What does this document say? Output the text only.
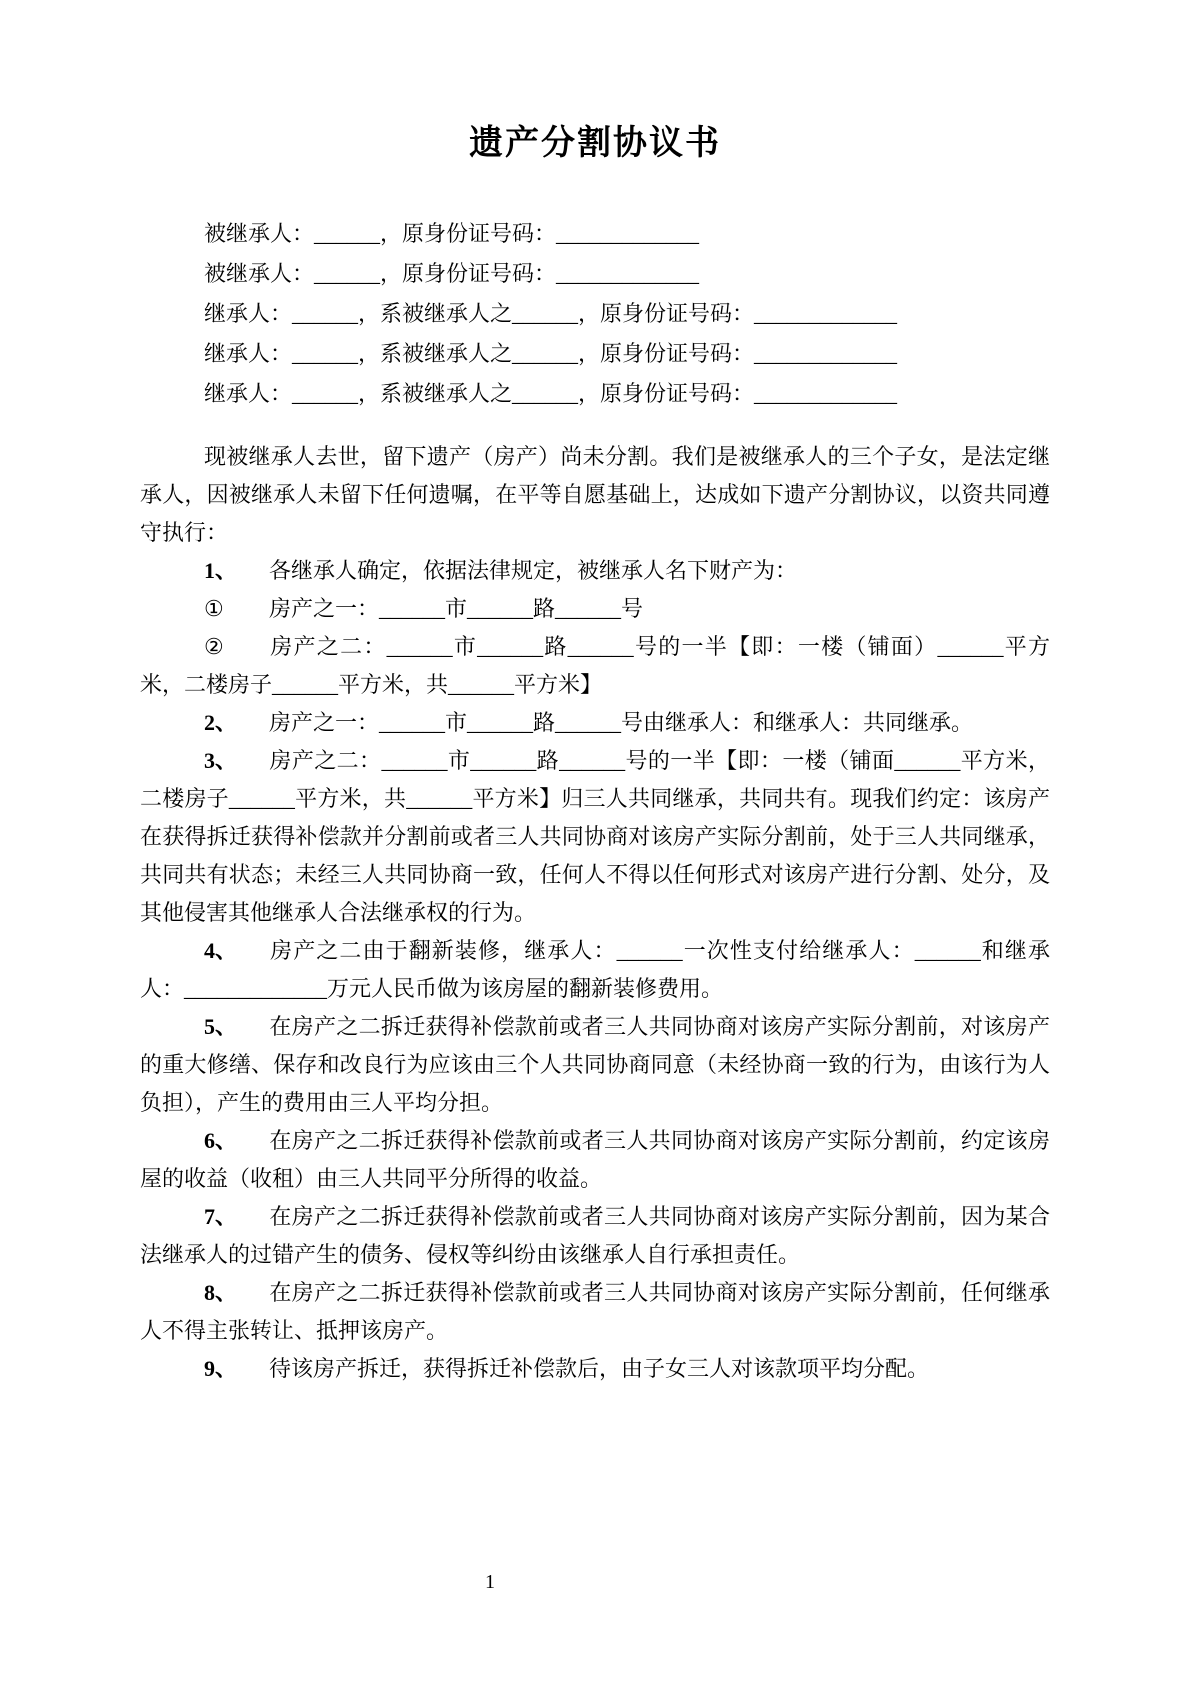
遗产分割协议书

被继承人：______，原身份证号码：_____________

被继承人：______，原身份证号码：_____________

继承人：______，系被继承人之______，原身份证号码：_____________

继承人：______，系被继承人之______，原身份证号码：_____________

继承人：______，系被继承人之______，原身份证号码：_____________

现被继承人去世，留下遗产（房产）尚未分割。我们是被继承人的三个子女，是法定继承人，因被继承人未留下任何遗嘱，在平等自愿基础上，达成如下遗产分割协议，以资共同遵守执行：

1、 各继承人确定，依据法律规定，被继承人名下财产为：

① 房产之一：______市______路______号

② 房产之二：______市______路______号的一半【即：一楼（铺面）______平方米，二楼房子______平方米，共______平方米】

2、 房产之一：______市______路______号由继承人：和继承人：共同继承。

3、 房产之二：______市______路______号的一半【即：一楼（铺面______平方米，二楼房子______平方米，共______平方米】归三人共同继承，共同共有。现我们约定：该房产在获得拆迁获得补偿款并分割前或者三人共同协商对该房产实际分割前，处于三人共同继承，共同共有状态；未经三人共同协商一致，任何人不得以任何形式对该房产进行分割、处分，及其他侵害其他继承人合法继承权的行为。

4、 房产之二由于翻新装修，继承人：______一次性支付给继承人：______和继承人：_____________万元人民币做为该房屋的翻新装修费用。

5、 在房产之二拆迁获得补偿款前或者三人共同协商对该房产实际分割前，对该房产的重大修缮、保存和改良行为应该由三个人共同协商同意（未经协商一致的行为，由该行为人负担），产生的费用由三人平均分担。

6、 在房产之二拆迁获得补偿款前或者三人共同协商对该房产实际分割前，约定该房屋的收益（收租）由三人共同平分所得的收益。

7、 在房产之二拆迁获得补偿款前或者三人共同协商对该房产实际分割前，因为某合法继承人的过错产生的债务、侵权等纠纷由该继承人自行承担责任。

8、 在房产之二拆迁获得补偿款前或者三人共同协商对该房产实际分割前，任何继承人不得主张转让、抵押该房产。

9、 待该房产拆迁，获得拆迁补偿款后，由子女三人对该款项平均分配。

1
